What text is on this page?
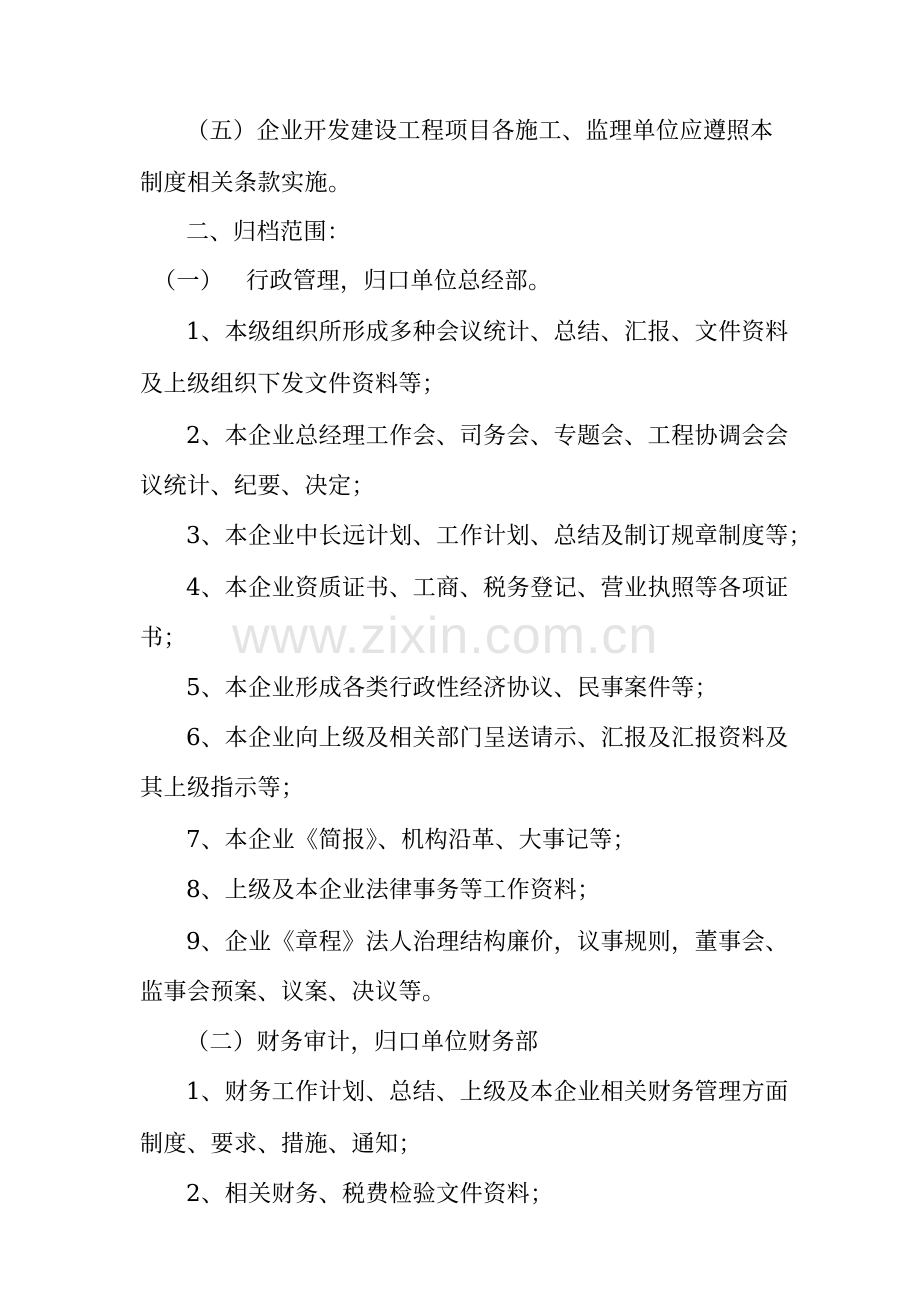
www.zixin.com.cn
（五）企业开发建设工程项目各施工、监理单位应遵照本
制度相关条款实施。
二、归档范围：
（一） 行政管理，归口单位总经部。
1、本级组织所形成多种会议统计、总结、汇报、文件资料
及上级组织下发文件资料等；
2、本企业总经理工作会、司务会、专题会、工程协调会会
议统计、纪要、决定；
3、本企业中长远计划、工作计划、总结及制订规章制度等；
4、本企业资质证书、工商、税务登记、营业执照等各项证
书；
5、本企业形成各类行政性经济协议、民事案件等；
6、本企业向上级及相关部门呈送请示、汇报及汇报资料及
其上级指示等；
7、本企业《简报》、机构沿革、大事记等；
8、上级及本企业法律事务等工作资料；
9、企业《章程》法人治理结构廉价，议事规则，董事会、
监事会预案、议案、决议等。
（二）财务审计，归口单位财务部
1、财务工作计划、总结、上级及本企业相关财务管理方面
制度、要求、措施、通知；
2、相关财务、税费检验文件资料；
